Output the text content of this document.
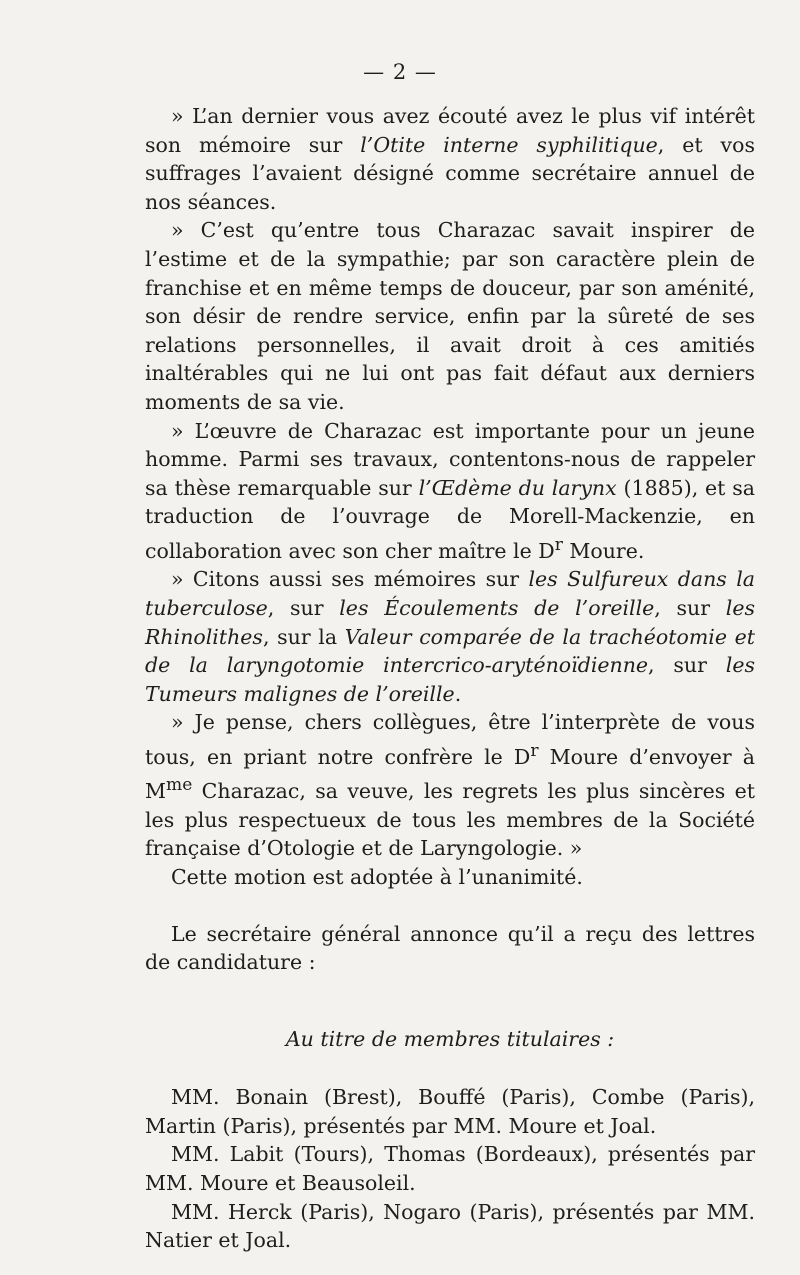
— 2 —

» L’an dernier vous avez écouté avez le plus vif intérêt son mémoire sur l’Otite interne syphilitique, et vos suffrages l’avaient désigné comme secrétaire annuel de nos séances.

» C’est qu’entre tous Charazac savait inspirer de l’estime et de la sympathie; par son caractère plein de franchise et en même temps de douceur, par son aménité, son désir de rendre service, enfin par la sûreté de ses relations personnelles, il avait droit à ces amitiés inaltérables qui ne lui ont pas fait défaut aux derniers moments de sa vie.

» L’œuvre de Charazac est importante pour un jeune homme. Parmi ses travaux, contentons-nous de rappeler sa thèse remarquable sur l’Œdème du larynx (1885), et sa traduction de l’ouvrage de Morell-Mackenzie, en collaboration avec son cher maître le $D^r$ Moure.

» Citons aussi ses mémoires sur les Sulfureux dans la tuberculose, sur les Écoulements de l’oreille, sur les Rhinolithes, sur la Valeur comparée de la trachéotomie et de la laryngotomie intercrico-aryténoïdienne, sur les Tumeurs malignes de l’oreille.

» Je pense, chers collègues, être l’interprète de vous tous, en priant notre confrère le $D^r$ Moure d’envoyer à $M^{me}$ Charazac, sa veuve, les regrets les plus sincères et les plus respectueux de tous les membres de la Société française d’Otologie et de Laryngologie. »

Cette motion est adoptée à l’unanimité.

Le secrétaire général annonce qu’il a reçu des lettres de candidature :

Au titre de membres titulaires :

MM. Bonain (Brest), Bouffé (Paris), Combe (Paris), Martin (Paris), présentés par MM. Moure et Joal.

MM. Labit (Tours), Thomas (Bordeaux), présentés par MM. Moure et Beausoleil.

MM. Herck (Paris), Nogaro (Paris), présentés par MM. Natier et Joal.
